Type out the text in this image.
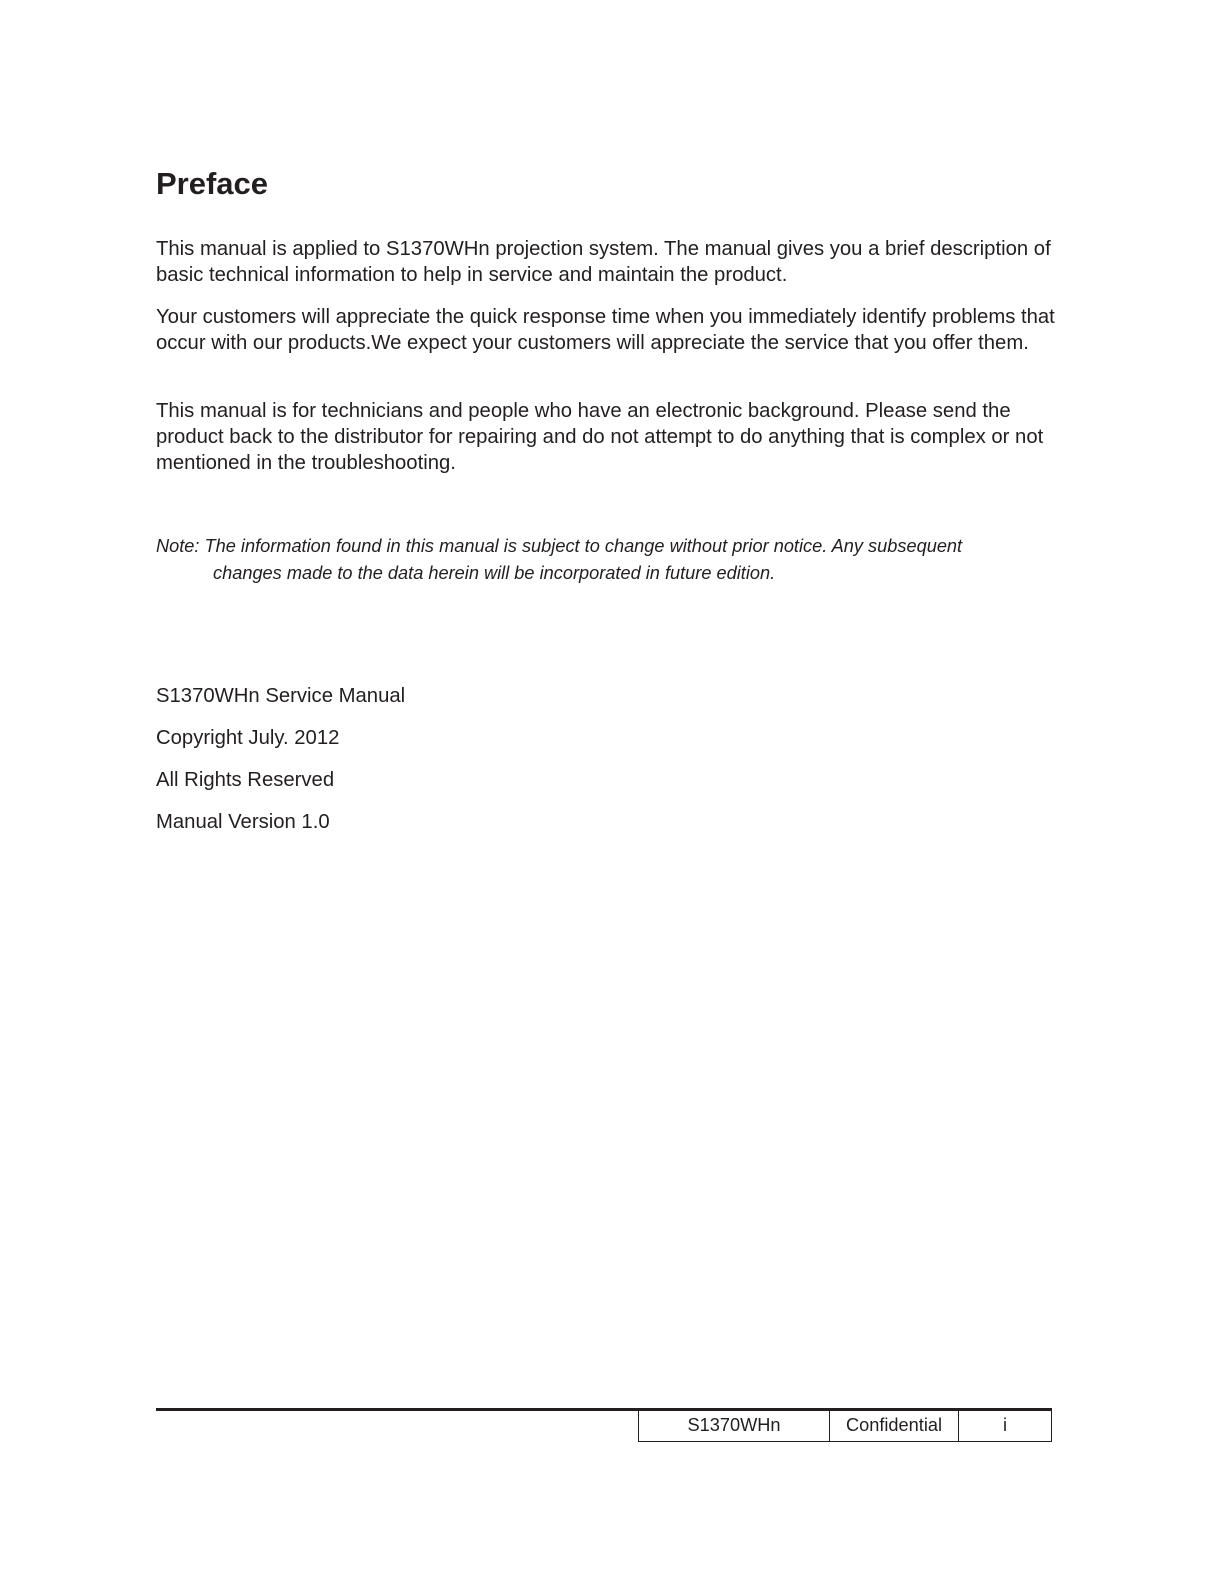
Preface

This manual is applied to S1370WHn projection system. The manual gives you a brief description of basic technical information to help in service and maintain the product.

Your customers will appreciate the quick response time when you immediately identify problems that occur with our products.We expect your customers will appreciate the service that you offer them.

This manual is for technicians and people who have an electronic background. Please send the product back to the distributor for repairing and do not attempt to do anything that is complex or not mentioned in the troubleshooting.

Note: The information found in this manual is subject to change without prior notice. Any subsequent changes made to the data herein will be incorporated in future edition.

S1370WHn Service Manual

Copyright July. 2012

All Rights Reserved

Manual Version 1.0

S1370WHn	Confidential	i
